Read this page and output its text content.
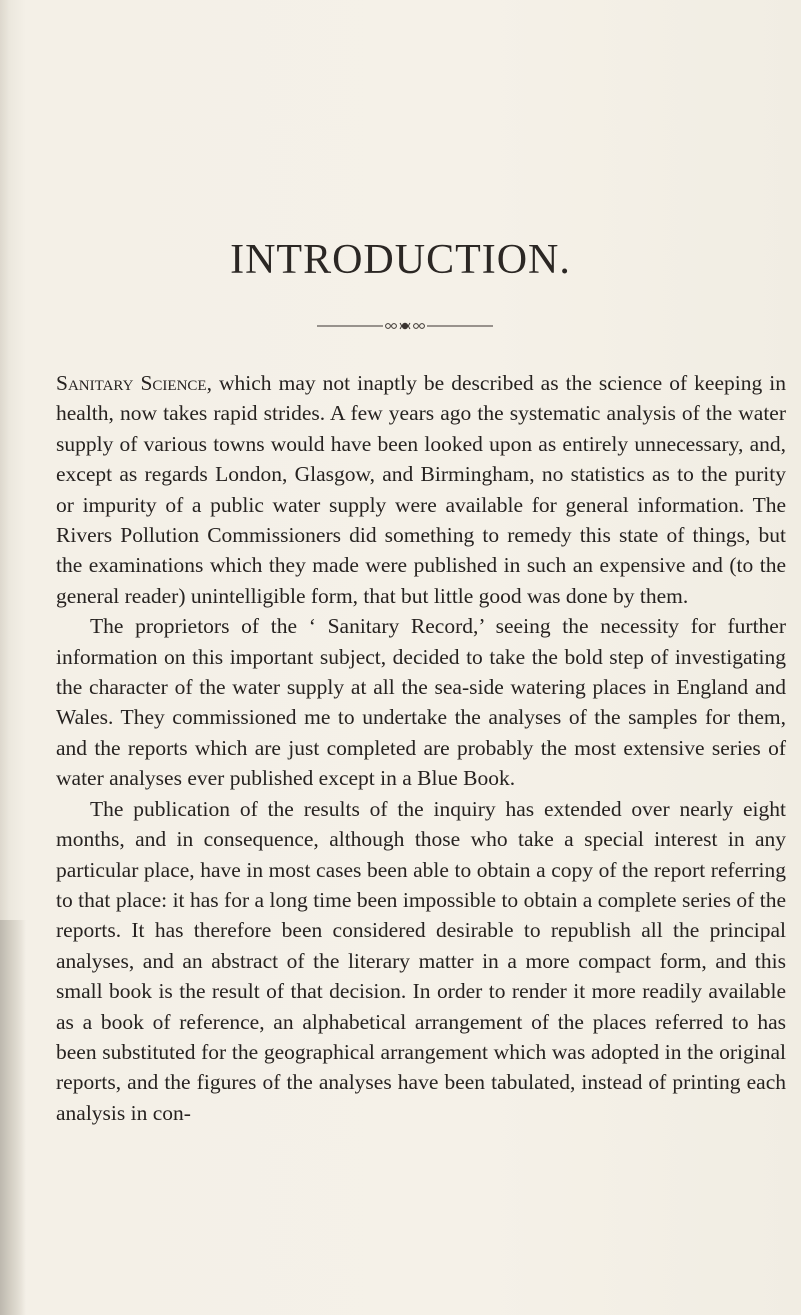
INTRODUCTION.

Sanitary Science, which may not inaptly be described as the science of keeping in health, now takes rapid strides. A few years ago the systematic analysis of the water supply of various towns would have been looked upon as entirely unnecessary, and, except as regards London, Glasgow, and Birmingham, no statistics as to the purity or impurity of a public water supply were available for general information. The Rivers Pollution Commissioners did something to remedy this state of things, but the examinations which they made were published in such an expensive and (to the general reader) unintelligible form, that but little good was done by them.

The proprietors of the ‘ Sanitary Record,’ seeing the necessity for further information on this important subject, decided to take the bold step of investigating the character of the water supply at all the sea-side watering places in England and Wales. They commissioned me to undertake the analyses of the samples for them, and the reports which are just completed are probably the most extensive series of water analyses ever published except in a Blue Book.

The publication of the results of the inquiry has extended over nearly eight months, and in consequence, although those who take a special interest in any particular place, have in most cases been able to obtain a copy of the report referring to that place: it has for a long time been impossible to obtain a complete series of the reports. It has therefore been considered desirable to republish all the principal analyses, and an abstract of the literary matter in a more compact form, and this small book is the result of that decision. In order to render it more readily available as a book of reference, an alphabetical arrangement of the places referred to has been substituted for the geographical arrangement which was adopted in the original reports, and the figures of the analyses have been tabulated, instead of printing each analysis in con-
